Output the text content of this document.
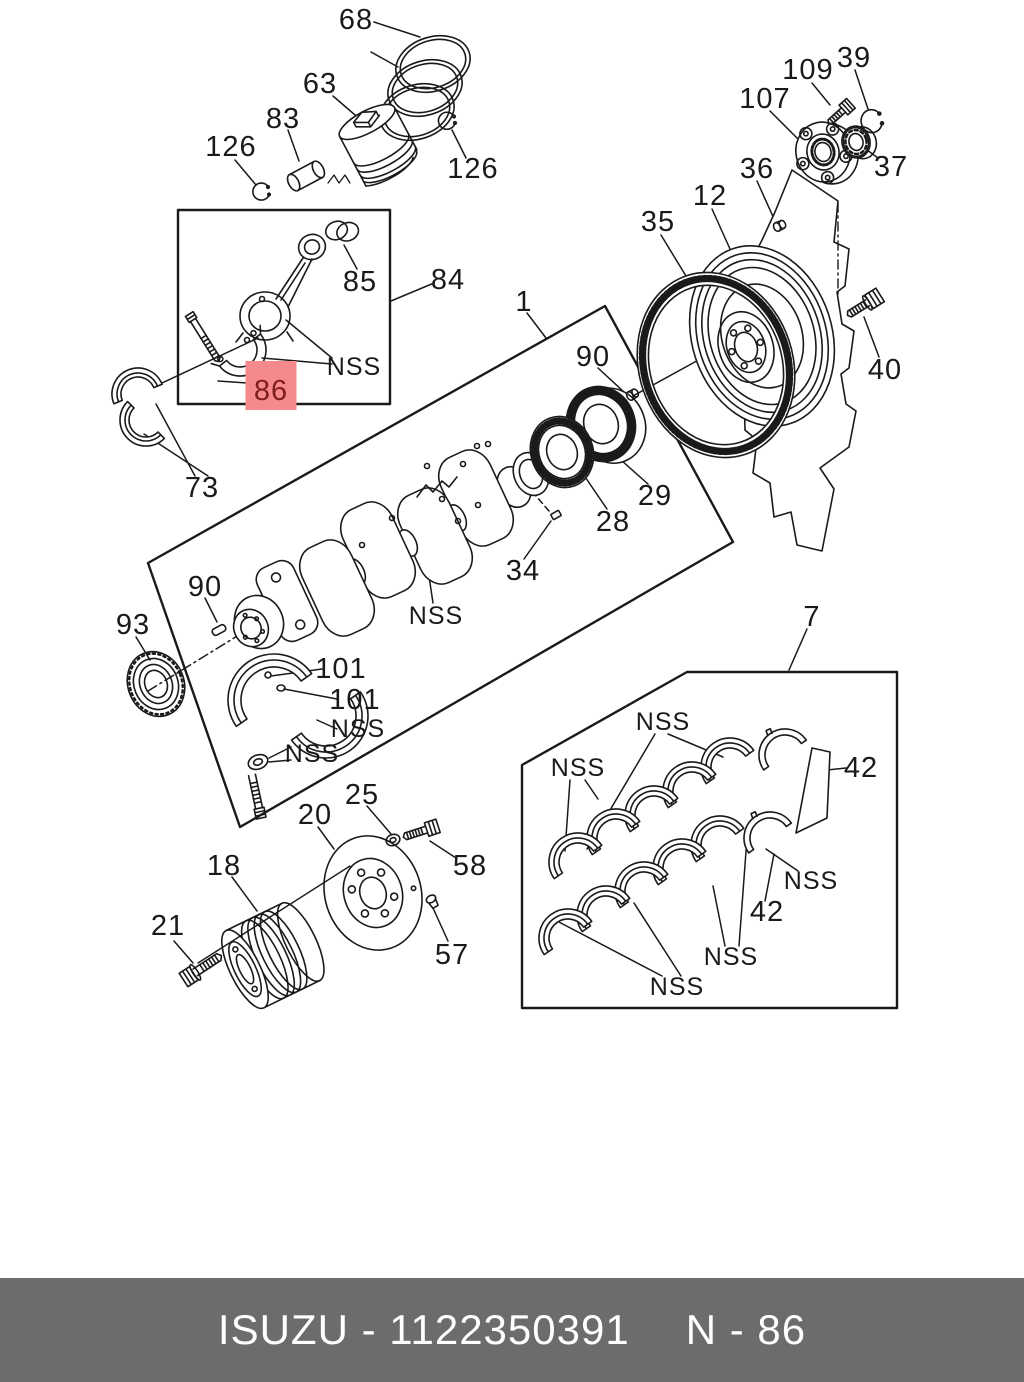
68
63
83
126
126
85 84
NSS
86
73
1
90
29
28
34
NSS
90
93
101
101
NSS
NSS
35
12
36
107
109 39
37
40
7
NSS
NSS	42
NSS
42
NSS
NSS
20
25
58
18
21
57
ISUZU - 1122350391 N - 86
